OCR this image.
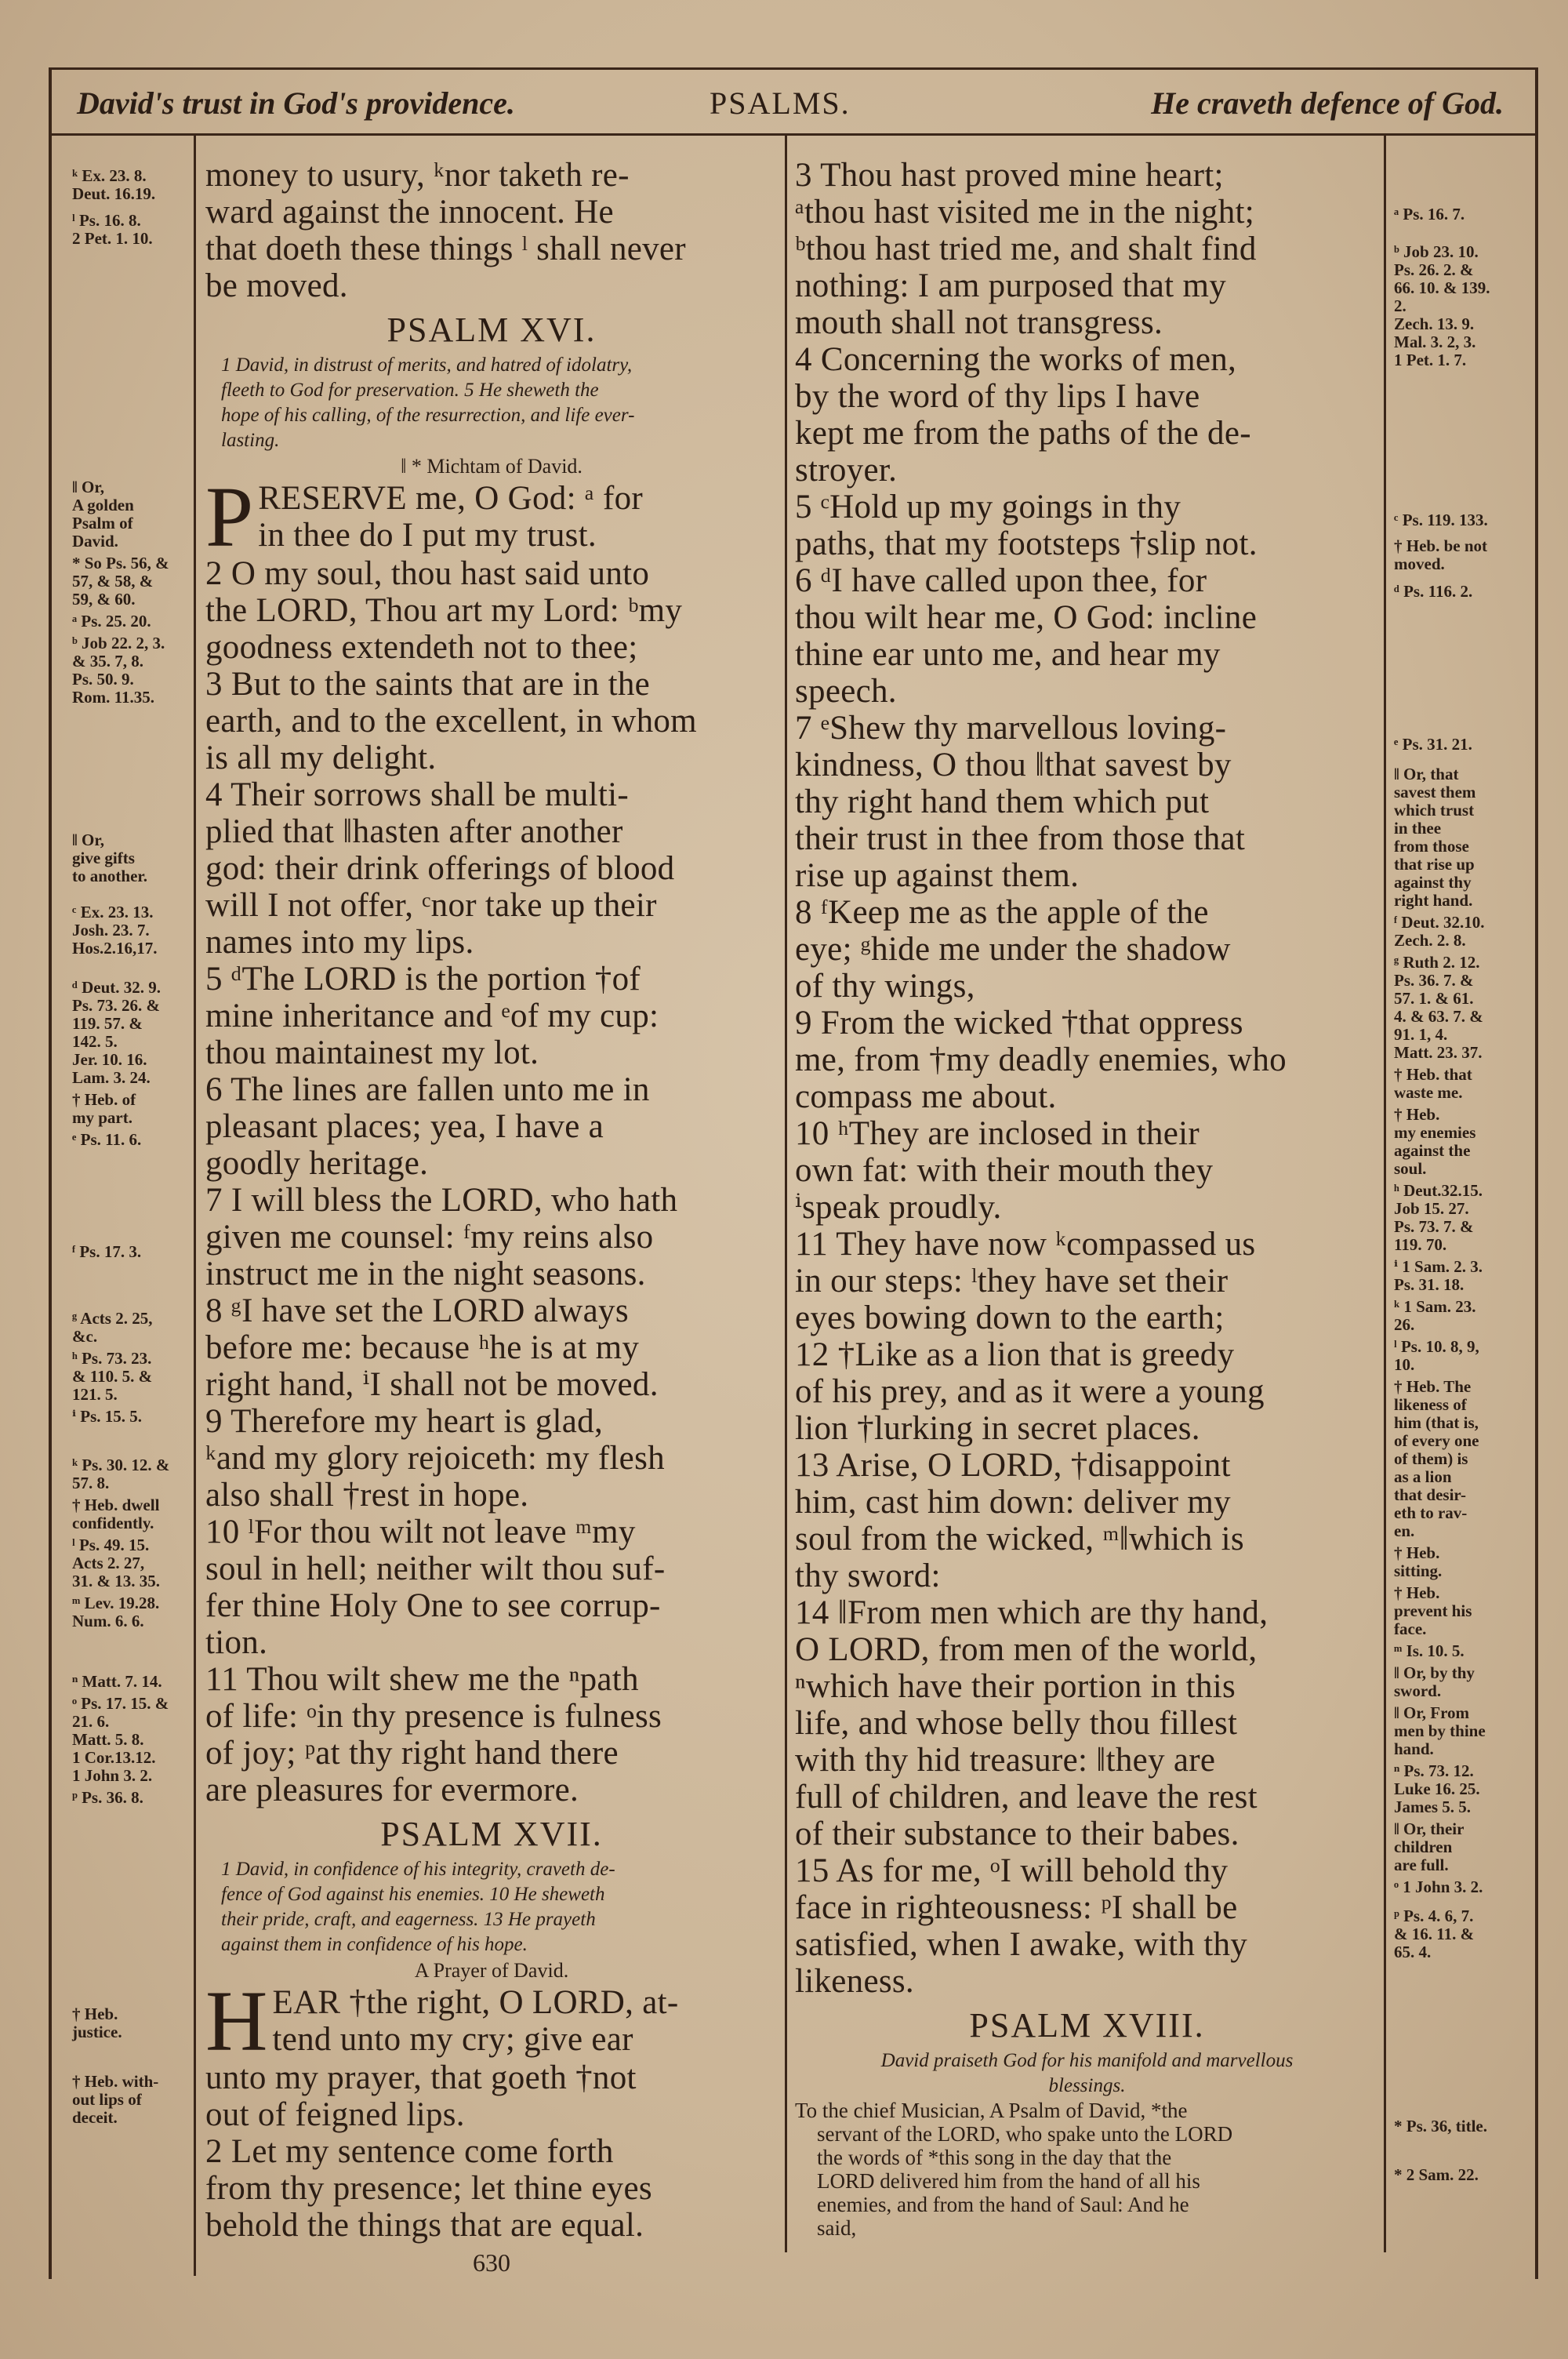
David's trust in God's providence.	PSALMS.	He craveth defence of God.
money to usury, ᵏnor taketh re-
ward against the innocent. He
that doeth these things ˡ shall never
be moved.
PSALM XVI.
1 David, in distrust of merits, and hatred of idolatry,
fleeth to God for preservation. 5 He sheweth the
hope of his calling, of the resurrection, and life ever-
lasting.
‖ * Michtam of David.
P RESERVE me, O God: ᵃ for
in thee do I put my trust.
2 O my soul, thou hast said unto
the LORD, Thou art my Lord: ᵇmy
goodness extendeth not to thee;
3 But to the saints that are in the
earth, and to the excellent, in whom
is all my delight.
4 Their sorrows shall be multi-
plied that ‖hasten after another
god: their drink offerings of blood
will I not offer, ᶜnor take up their
names into my lips.
5 ᵈThe LORD is the portion †of
mine inheritance and ᵉof my cup:
thou maintainest my lot.
6 The lines are fallen unto me in
pleasant places; yea, I have a
goodly heritage.
7 I will bless the LORD, who hath
given me counsel: ᶠmy reins also
instruct me in the night seasons.
8 ᵍI have set the LORD always
before me: because ʰhe is at my
right hand, ⁱI shall not be moved.
9 Therefore my heart is glad,
ᵏand my glory rejoiceth: my flesh
also shall †rest in hope.
10 ˡFor thou wilt not leave ᵐmy
soul in hell; neither wilt thou suf-
fer thine Holy One to see corrup-
tion.
11 Thou wilt shew me the ⁿpath
of life: ᵒin thy presence is fulness
of joy; ᵖat thy right hand there
are pleasures for evermore.
PSALM XVII.
1 David, in confidence of his integrity, craveth de-
fence of God against his enemies. 10 He sheweth
their pride, craft, and eagerness. 13 He prayeth
against them in confidence of his hope.
A Prayer of David.
H EAR †the right, O LORD, at-
tend unto my cry; give ear
unto my prayer, that goeth †not
out of feigned lips.
2 Let my sentence come forth
from thy presence; let thine eyes
behold the things that are equal.
630
3 Thou hast proved mine heart;
ᵃthou hast visited me in the night;
ᵇthou hast tried me, and shalt find
nothing: I am purposed that my
mouth shall not transgress.
4 Concerning the works of men,
by the word of thy lips I have
kept me from the paths of the de-
stroyer.
5 ᶜHold up my goings in thy
paths, that my footsteps †slip not.
6 ᵈI have called upon thee, for
thou wilt hear me, O God: incline
thine ear unto me, and hear my
speech.
7 ᵉShew thy marvellous loving-
kindness, O thou ‖that savest by
thy right hand them which put
their trust in thee from those that
rise up against them.
8 ᶠKeep me as the apple of the
eye; ᵍhide me under the shadow
of thy wings,
9 From the wicked †that oppress
me, from †my deadly enemies, who
compass me about.
10 ʰThey are inclosed in their
own fat: with their mouth they
ⁱspeak proudly.
11 They have now ᵏcompassed us
in our steps: ˡthey have set their
eyes bowing down to the earth;
12 †Like as a lion that is greedy
of his prey, and as it were a young
lion †lurking in secret places.
13 Arise, O LORD, †disappoint
him, cast him down: deliver my
soul from the wicked, ᵐ‖which is
thy sword:
14 ‖From men which are thy hand,
O LORD, from men of the world,
ⁿwhich have their portion in this
life, and whose belly thou fillest
with thy hid treasure: ‖they are
full of children, and leave the rest
of their substance to their babes.
15 As for me, ᵒI will behold thy
face in righteousness: ᵖI shall be
satisfied, when I awake, with thy
likeness.
PSALM XVIII.
David praiseth God for his manifold and marvellous
blessings.
To the chief Musician, A Psalm of David, *the
servant of the LORD, who spake unto the LORD
the words of *this song in the day that the
LORD delivered him from the hand of all his
enemies, and from the hand of Saul: And he
said,
ᵏ Ex. 23. 8.
Deut. 16.19.
ˡ Ps. 16. 8.
2 Pet. 1. 10.
‖ Or,
A golden
Psalm of
David.
* So Ps. 56, &
57, & 58, &
59, & 60.
ᵃ Ps. 25. 20.
ᵇ Job 22. 2, 3.
& 35. 7, 8.
Ps. 50. 9.
Rom. 11.35.
‖ Or,
give gifts
to another.
ᶜ Ex. 23. 13.
Josh. 23. 7.
Hos.2.16,17.
ᵈ Deut. 32. 9.
Ps. 73. 26. &
119. 57. &
142. 5.
Jer. 10. 16.
Lam. 3. 24.
† Heb. of
my part.
ᵉ Ps. 11. 6.
ᶠ Ps. 17. 3.
ᵍ Acts 2. 25,
&c.
ʰ Ps. 73. 23.
& 110. 5. &
121. 5.
ⁱ Ps. 15. 5.
ᵏ Ps. 30. 12. &
57. 8.
† Heb. dwell
confidently.
ˡ Ps. 49. 15.
Acts 2. 27,
31. & 13. 35.
ᵐ Lev. 19.28.
Num. 6. 6.
ⁿ Matt. 7. 14.
ᵒ Ps. 17. 15. &
21. 6.
Matt. 5. 8.
1 Cor.13.12.
1 John 3. 2.
ᵖ Ps. 36. 8.
† Heb.
justice.
† Heb. with-
out lips of
deceit.
ᵃ Ps. 16. 7.
ᵇ Job 23. 10.
Ps. 26. 2. &
66. 10. & 139.
2.
Zech. 13. 9.
Mal. 3. 2, 3.
1 Pet. 1. 7.
ᶜ Ps. 119. 133.
† Heb. be not
moved.
ᵈ Ps. 116. 2.
ᵉ Ps. 31. 21.
‖ Or, that
savest them
which trust
in thee
from those
that rise up
against thy
right hand.
ᶠ Deut. 32.10.
Zech. 2. 8.
ᵍ Ruth 2. 12.
Ps. 36. 7. &
57. 1. & 61.
4. & 63. 7. &
91. 1, 4.
Matt. 23. 37.
† Heb. that
waste me.
† Heb.
my enemies
against the
soul.
ʰ Deut.32.15.
Job 15. 27.
Ps. 73. 7. &
119. 70.
ⁱ 1 Sam. 2. 3.
Ps. 31. 18.
ᵏ 1 Sam. 23.
26.
ˡ Ps. 10. 8, 9,
10.
† Heb. The
likeness of
him (that is,
of every one
of them) is
as a lion
that desir-
eth to rav-
en.
† Heb.
sitting.
† Heb.
prevent his
face.
ᵐ Is. 10. 5.
‖ Or, by thy
sword.
‖ Or, From
men by thine
hand.
ⁿ Ps. 73. 12.
Luke 16. 25.
James 5. 5.
‖ Or, their
children
are full.
ᵒ 1 John 3. 2.
ᵖ Ps. 4. 6, 7.
& 16. 11. &
65. 4.
* Ps. 36, title.
* 2 Sam. 22.
